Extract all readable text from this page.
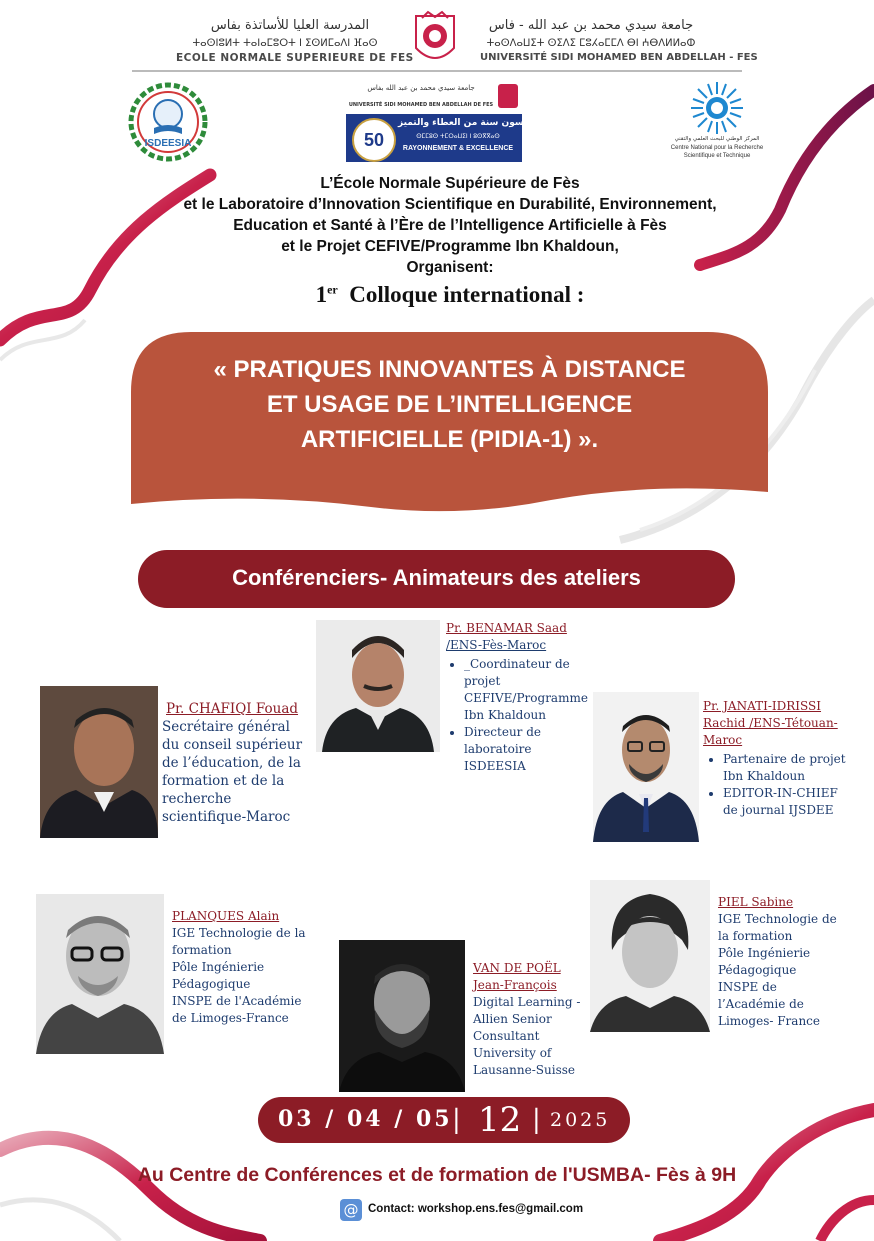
المدرسة العليا للأساتذة بفاس
ⵜⴰⵙⵏⵓⵍⵜ ⵜⴰⵏⴰⵎⵓⵔⵜ ⵏ ⵉⵙⵍⵎⴰⴷⵏ ⴼⴰⵙ
ECOLE NORMALE SUPERIEURE DE FES
جامعة سيدي محمد بن عبد الله - فاس
ⵜⴰⵙⴷⴰⵡⵉⵜ ⵙⵉⴷⵉ ⵎⵓⵃⴰⵎⵎⴷ ⴱⵏ ⵄⴱⴷⵍⵍⴰⵀ
UNIVERSITÉ SIDI MOHAMED BEN ABDELLAH - FES
ISDEESIA
جامعة سيدي محمد بن عبد الله بفاس
UNIVERSITÉ SIDI MOHAMED BEN ABDELLAH DE FES
50
خمسون سنة من العطاء والتميز
ⵙⵎⵎⵓⵙ ⵜⵎⵔⴰⵡⵉⵏ ⵏ ⵓⵙⴳⴳⴰⵙ
RAYONNEMENT & EXCELLENCE
المركز الوطني للبحث العلمي والتقني
Centre National pour la Recherche
Scientifique et Technique
L’École Normale Supérieure de Fès
et le Laboratoire d’Innovation Scientifique en Durabilité, Environnement,
Education et Santé à l’Ère de l’Intelligence Artificielle à Fès
et le Projet CEFIVE/Programme Ibn Khaldoun,
Organisent:
1er Colloque international :
« PRATIQUES INNOVANTES À DISTANCE
ET USAGE DE L’INTELLIGENCE
ARTIFICIELLE (PIDIA-1) ».
Conférenciers- Animateurs des ateliers
Pr. BENAMAR Saad
/ENS-Fès-Maroc
• _Coordinateur de projet CEFIVE/Programme Ibn Khaldoun
• Directeur de laboratoire ISDEESIA
Pr. CHAFIQI Fouad
Secrétaire général
du conseil supérieur
de l’éducation, de la
formation et de la
recherche
scientifique-Maroc
Pr. JANATI-IDRISSI
Rachid /ENS-Tétouan-
Maroc
• Partenaire de projet Ibn Khaldoun
• EDITOR-IN-CHIEF de journal IJSDEE
PLANQUES Alain
IGE Technologie de la
formation
Pôle Ingénierie
Pédagogique
INSPE de l'Académie
de Limoges-France
VAN DE POËL
Jean-François
Digital Learning -
Allien Senior
Consultant
University of
Lausanne-Suisse
PIEL Sabine
IGE Technologie de
la formation
Pôle Ingénierie
Pédagogique
INSPE de
l’Académie de
Limoges- France
03 / 04 / 05 | 12 | 2025
Au Centre de Conférences et de formation de l'USMBA- Fès à 9H
@ Contact: workshop.ens.fes@gmail.com
